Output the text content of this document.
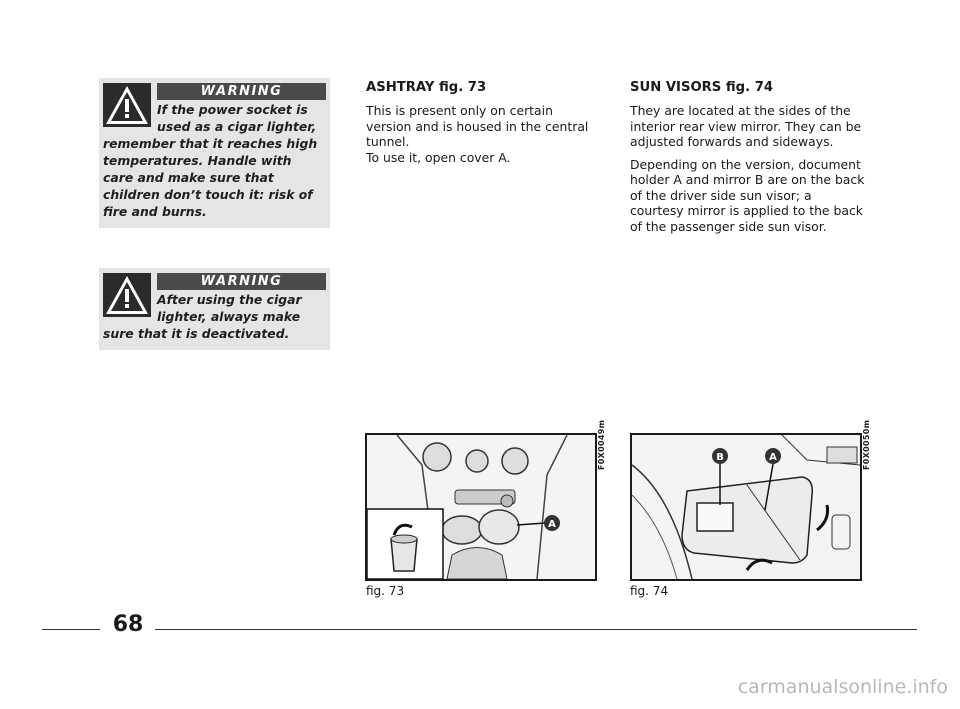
WARNING
If the power socket is used as a cigar lighter, remember that it reaches high temperatures. Handle with care and make sure that children don’t touch it: risk of fire and burns.
WARNING
After using the cigar lighter, always make sure that it is deactivated.
ASHTRAY fig. 73

This is present only on certain version and is housed in the central tunnel.

To use it, open cover A.

SUN VISORS fig. 74

They are located at the sides of the interior rear view mirror. They can be adjusted forwards and sideways.

Depending on the version, document holder A and mirror B are on the back of the driver side sun visor; a courtesy mirror is applied to the back of the passenger side sun visor.

A
F0X0049m
fig. 73
B	A	F0X0050m
fig. 74
68
carmanualsonline.info
